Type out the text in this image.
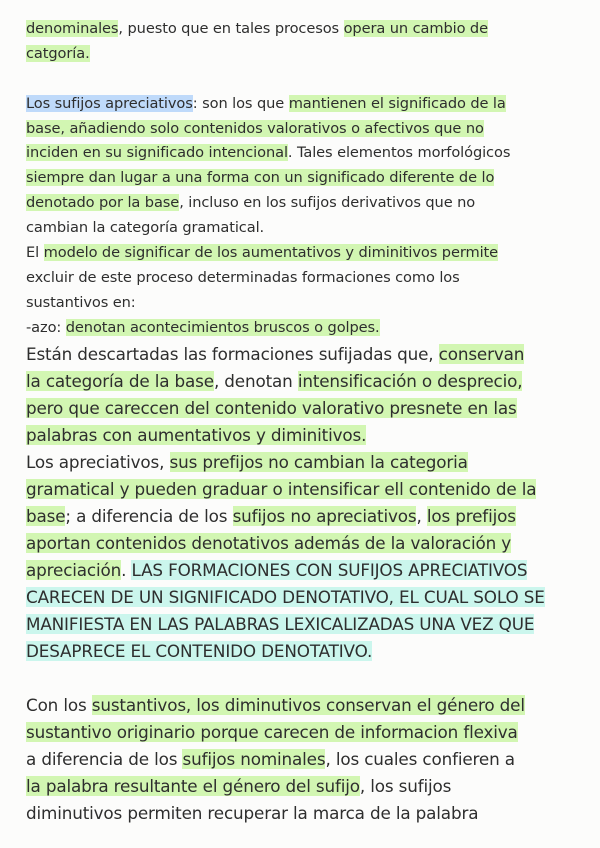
denominales, puesto que en tales procesos opera un cambio de
catgoría.
Los sufijos apreciativos: son los que mantienen el significado de la
base, añadiendo solo contenidos valorativos o afectivos que no
inciden en su significado intencional. Tales elementos morfológicos
siempre dan lugar a una forma con un significado diferente de lo
denotado por la base, incluso en los sufijos derivativos que no
cambian la categoría gramatical.
El modelo de significar de los aumentativos y diminitivos permite
excluir de este proceso determinadas formaciones como los
sustantivos en:
-azo: denotan acontecimientos bruscos o golpes.
Están descartadas las formaciones sufijadas que, conservan
la categoría de la base, denotan intensificación o desprecio,
pero que careccen del contenido valorativo presnete en las
palabras con aumentativos y diminitivos.
Los apreciativos, sus prefijos no cambian la categoria
gramatical y pueden graduar o intensificar ell contenido de la
base; a diferencia de los sufijos no apreciativos, los prefijos
aportan contenidos denotativos además de la valoración y
apreciación. LAS FORMACIONES CON SUFIJOS APRECIATIVOS
CARECEN DE UN SIGNIFICADO DENOTATIVO, EL CUAL SOLO SE
MANIFIESTA EN LAS PALABRAS LEXICALIZADAS UNA VEZ QUE
DESAPRECE EL CONTENIDO DENOTATIVO.
Con los sustantivos, los diminutivos conservan el género del
sustantivo originario porque carecen de informacion flexiva
a diferencia de los sufijos nominales, los cuales confieren a
la palabra resultante el género del sufijo, los sufijos
diminutivos permiten recuperar la marca de la palabra
